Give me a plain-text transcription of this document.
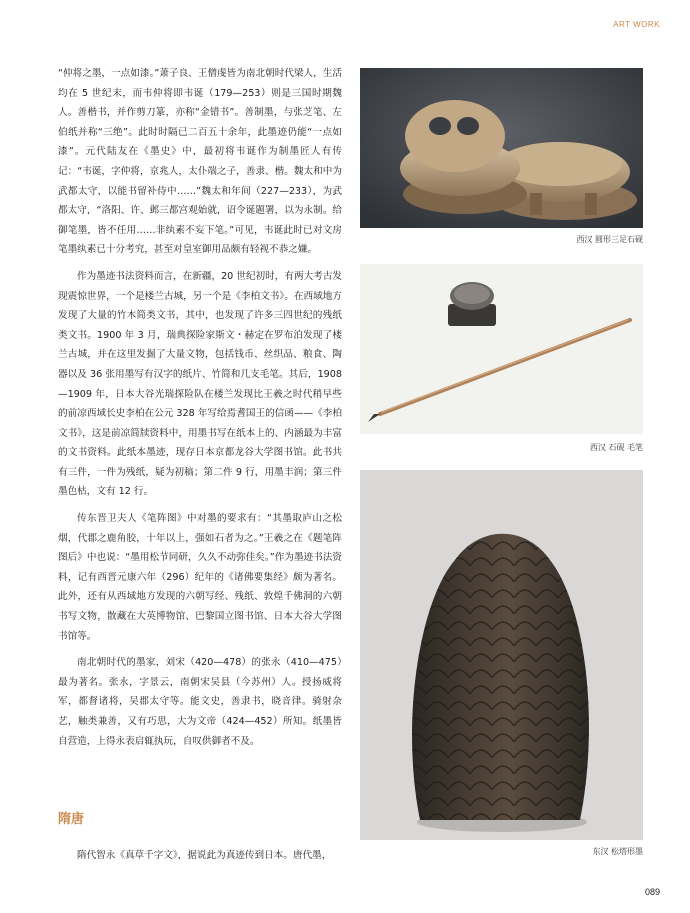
ART WORK

“仲将之墨，一点如漆。”萧子良、王僧虔皆为南北朝时代梁人，生活均在 5 世纪末，而韦仲将即韦诞（179—253）则是三国时期魏人。善楷书，并作剪刀篆，亦称“金错书”。善制墨，与张芝笔、左伯纸并称“三绝”。此时时隔已二百五十余年，此墨迹仍能“一点如漆”。元代陆友在《墨史》中，最初将韦诞作为制墨匠人有传记：“韦诞，字仲将，京兆人，太仆端之子，善隶、楷。魏太和中为武都太守，以能书留补侍中……”魏太和年间（227—233），为武都太守，“洛阳、许、邺三都宫观始就，诏令诞题署，以为永制。给御笔墨，皆不任用……非纨素不妄下笔。”可见，韦诞此时已对文房笔墨纨素已十分考究，甚至对皇室御用品颇有轻视不恭之嫌。

作为墨迹书法资料而言，在新疆，20 世纪初时，有两大考古发现震惊世界，一个是楼兰古城，另一个是《李柏文书》。在西域地方发现了大量的竹木简类文书，其中，也发现了许多三四世纪的残纸类文书。1900 年 3 月，瑞典探险家斯文・赫定在罗布泊发现了楼兰古城，并在这里发掘了大量文物，包括钱币、丝织品、粮食、陶器以及 36 张用墨写有汉字的纸片、竹简和几支毛笔。其后，1908—1909 年，日本大谷光瑞探险队在楼兰发现比王羲之时代稍早些的前凉西域长史李柏在公元 328 年写给焉耆国王的信函——《李柏文书》，这是前凉简牍资料中，用墨书写在纸本上的、内涵最为丰富的文书资料。此纸本墨迹，现存日本京都龙谷大学图书馆。此书共有三件，一件为残纸，疑为初稿；第二件 9 行，用墨丰润；第三件墨色枯，文有 12 行。

传东晋卫夫人《笔阵图》中对墨的要求有：“其墨取庐山之松烟，代郡之鹿角胶，十年以上，强如石者为之。”王羲之在《题笔阵图后》中也说：“墨用松节同研，久久不动弥佳矣。”作为墨迹书法资料，记有西晋元康六年（296）纪年的《诸佛要集经》颇为著名。此外，还有从西域地方发现的六朝写经、残纸、敦煌千佛洞的六朝书写文物，散藏在大英博物馆、巴黎国立图书馆、日本大谷大学图书馆等。

南北朝时代的墨家，刘宋（420—478）的张永（410—475）最为著名。张永，字景云，南朝宋吴县（今苏州）人。授扬威将军，都督诸将，吴郡太守等。能文史，善隶书，晓音律。骑射杂艺，触类兼善，又有巧思，大为文帝（424—452）所知。纸墨皆自营造，上得永表启辄执玩，自叹供御者不及。

隋唐

隋代智永《真草千字文》，据说此为真迹传到日本。唐代墨，

西汉 圆形三足石砚

西汉 石砚 毛笔

东汉 松塔形墨

089
